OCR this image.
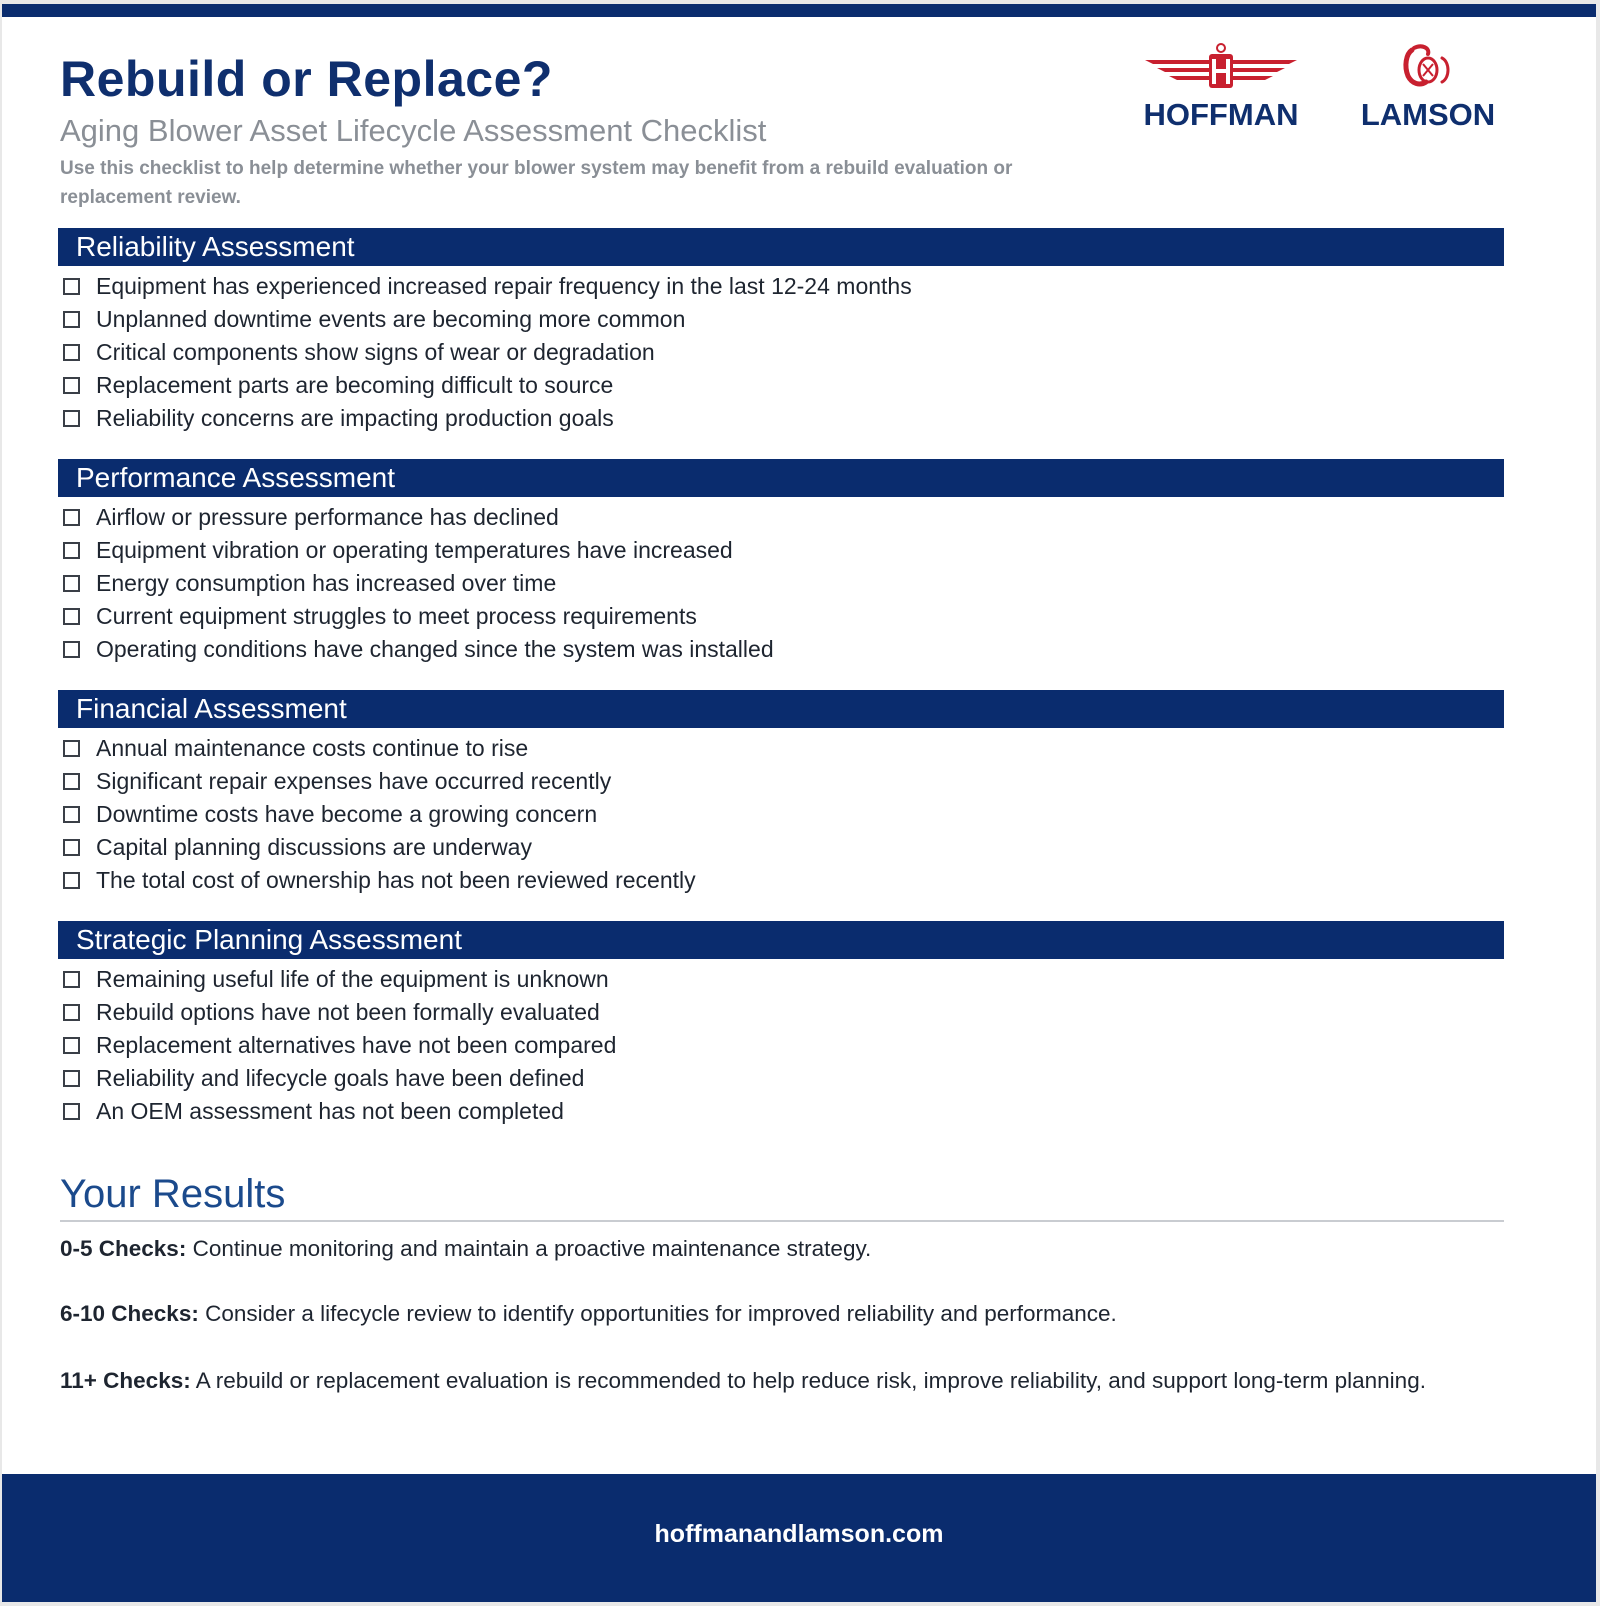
Rebuild or Replace?
Aging Blower Asset Lifecycle Assessment Checklist
Use this checklist to help determine whether your blower system may benefit from a rebuild evaluation or replacement review.
HOFFMAN	LAMSON
Reliability Assessment
Equipment has experienced increased repair frequency in the last 12-24 months
Unplanned downtime events are becoming more common
Critical components show signs of wear or degradation
Replacement parts are becoming difficult to source
Reliability concerns are impacting production goals
Performance Assessment
Airflow or pressure performance has declined
Equipment vibration or operating temperatures have increased
Energy consumption has increased over time
Current equipment struggles to meet process requirements
Operating conditions have changed since the system was installed
Financial Assessment
Annual maintenance costs continue to rise
Significant repair expenses have occurred recently
Downtime costs have become a growing concern
Capital planning discussions are underway
The total cost of ownership has not been reviewed recently
Strategic Planning Assessment
Remaining useful life of the equipment is unknown
Rebuild options have not been formally evaluated
Replacement alternatives have not been compared
Reliability and lifecycle goals have been defined
An OEM assessment has not been completed
Your Results
0-5 Checks: Continue monitoring and maintain a proactive maintenance strategy.
6-10 Checks: Consider a lifecycle review to identify opportunities for improved reliability and performance.
11+ Checks: A rebuild or replacement evaluation is recommended to help reduce risk, improve reliability, and support long-term planning.
hoffmanandlamson.com
